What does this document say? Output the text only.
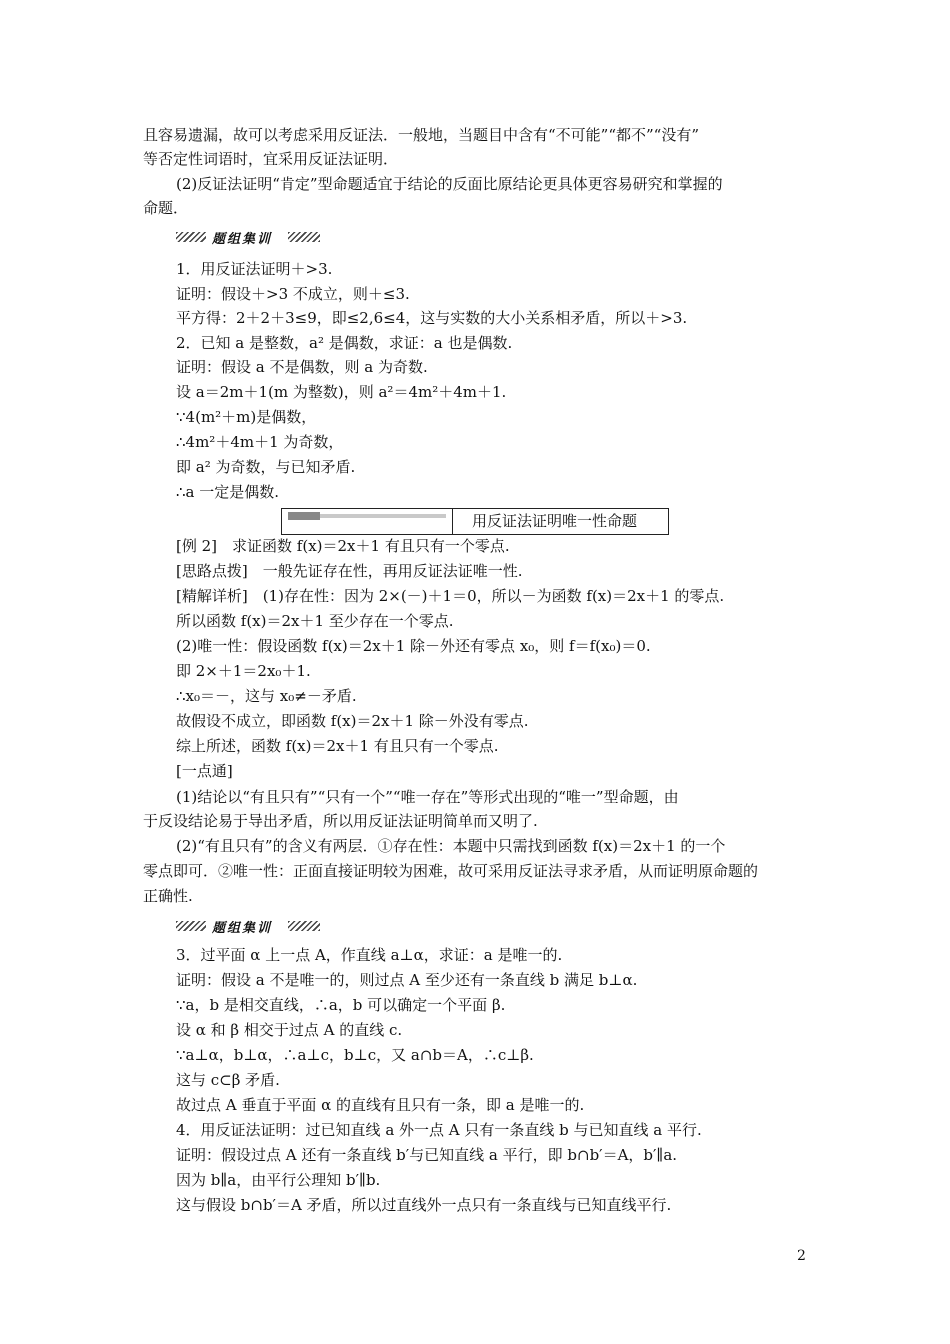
且容易遗漏，故可以考虑采用反证法．一般地，当题目中含有“不可能”“都不”“没有”
等否定性词语时，宜采用反证法证明．
(2)反证法证明“肯定”型命题适宜于结论的反面比原结论更具体更容易研究和掌握的
命题．
题组集训
1．用反证法证明＋>3.
证明：假设＋>3 不成立，则＋≤3.
平方得：2＋2＋3≤9，即≤2,6≤4，这与实数的大小关系相矛盾，所以＋>3.
2．已知 a 是整数，a² 是偶数，求证：a 也是偶数.
证明：假设 a 不是偶数，则 a 为奇数.
设 a＝2m＋1(m 为整数)，则 a²＝4m²＋4m＋1.
∵4(m²＋m)是偶数，
∴4m²＋4m＋1 为奇数，
即 a² 为奇数，与已知矛盾.
∴a 一定是偶数.
用反证法证明唯一性命题
[例 2]　求证函数 f(x)＝2x＋1 有且只有一个零点.
[思路点拨]　一般先证存在性，再用反证法证唯一性.
[精解详析]　(1)存在性：因为 2×(－)＋1＝0，所以－为函数 f(x)＝2x＋1 的零点.
所以函数 f(x)＝2x＋1 至少存在一个零点.
(2)唯一性：假设函数 f(x)＝2x＋1 除－外还有零点 x₀，则 f＝f(x₀)＝0.
即 2×＋1＝2x₀＋1.
∴x₀＝－，这与 x₀≠－矛盾.
故假设不成立，即函数 f(x)＝2x＋1 除－外没有零点.
综上所述，函数 f(x)＝2x＋1 有且只有一个零点.
[一点通]
(1)结论以“有且只有”“只有一个”“唯一存在”等形式出现的“唯一”型命题，由
于反设结论易于导出矛盾，所以用反证法证明简单而又明了.
(2)“有且只有”的含义有两层．①存在性：本题中只需找到函数 f(x)＝2x＋1 的一个
零点即可．②唯一性：正面直接证明较为困难，故可采用反证法寻求矛盾，从而证明原命题的
正确性.
题组集训
3．过平面 α 上一点 A，作直线 a⊥α，求证：a 是唯一的.
证明：假设 a 不是唯一的，则过点 A 至少还有一条直线 b 满足 b⊥α.
∵a，b 是相交直线，∴a，b 可以确定一个平面 β.
设 α 和 β 相交于过点 A 的直线 c.
∵a⊥α，b⊥α，∴a⊥c，b⊥c，又 a∩b＝A，∴c⊥β.
这与 c⊂β 矛盾.
故过点 A 垂直于平面 α 的直线有且只有一条，即 a 是唯一的.
4．用反证法证明：过已知直线 a 外一点 A 只有一条直线 b 与已知直线 a 平行.
证明：假设过点 A 还有一条直线 b′与已知直线 a 平行，即 b∩b′＝A，b′∥a.
因为 b∥a，由平行公理知 b′∥b.
这与假设 b∩b′＝A 矛盾，所以过直线外一点只有一条直线与已知直线平行.
2
